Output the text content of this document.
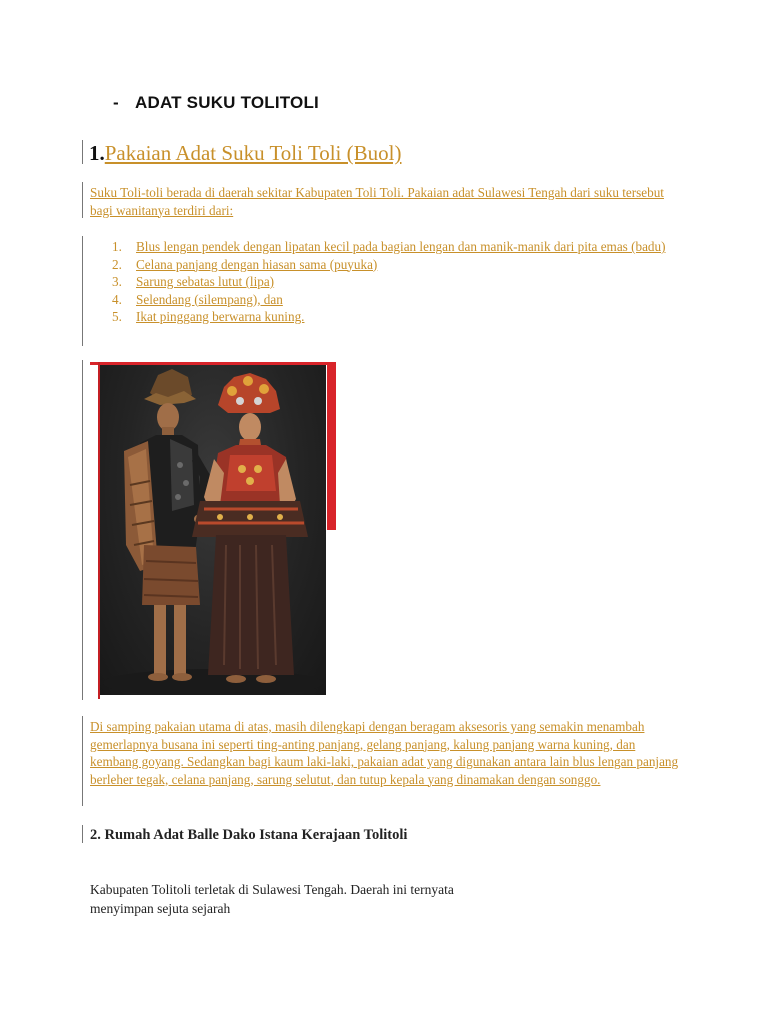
- ADAT SUKU TOLITOLI
1.Pakaian Adat Suku Toli Toli (Buol)
Suku Toli-toli berada di daerah sekitar Kabupaten Toli Toli. Pakaian adat Sulawesi Tengah dari suku tersebut bagi wanitanya terdiri dari:
1. Blus lengan pendek dengan lipatan kecil pada bagian lengan dan manik-manik dari pita emas (badu)
2. Celana panjang dengan hiasan sama (puyuka)
3. Sarung sebatas lutut (lipa)
4. Selendang (silempang), dan
5. Ikat pinggang berwarna kuning.
Di samping pakaian utama di atas, masih dilengkapi dengan beragam aksesoris yang semakin menambah gemerlapnya busana ini seperti ting-anting panjang, gelang panjang, kalung panjang warna kuning, dan kembang goyang. Sedangkan bagi kaum laki-laki, pakaian adat yang digunakan antara lain blus lengan panjang berleher tegak, celana panjang, sarung selutut, dan tutup kepala yang dinamakan dengan songgo.
2. Rumah Adat Balle Dako Istana Kerajaan Tolitoli
Kabupaten Tolitoli terletak di Sulawesi Tengah. Daerah ini ternyata menyimpan sejuta sejarah
